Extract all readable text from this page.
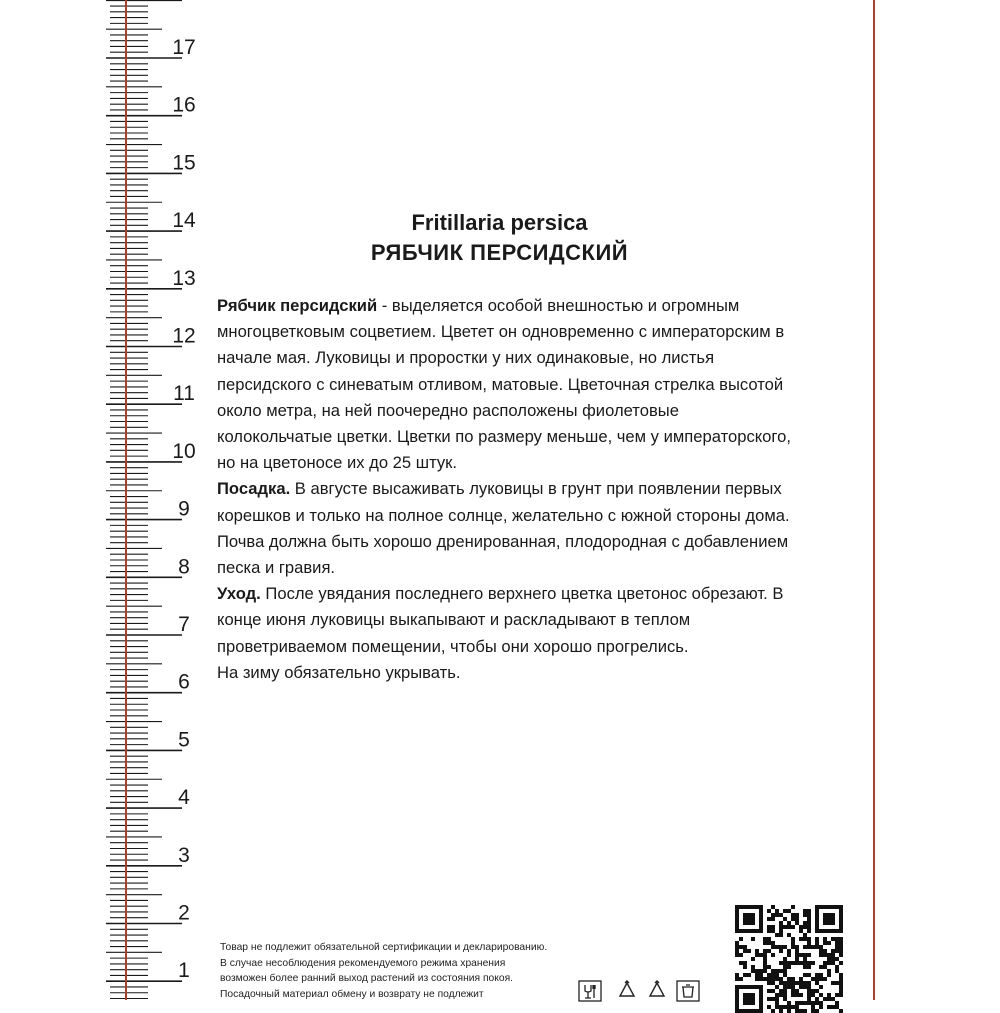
17
16
15
14
13
12
11
10
9
8
7
6
5
4
3
2
1
Fritillaria persica
РЯБЧИК ПЕРСИДСКИЙ

Рябчик персидский - выделяется особой внешностью и огромным многоцветковым соцветием. Цветет он одновременно с императорским в начале мая. Луковицы и проростки у них одинаковые, но листья персидского с синеватым отливом, матовые. Цветочная стрелка высотой около метра, на ней поочередно расположены фиолетовые колокольчатые цветки. Цветки по размеру меньше, чем у императорского, но на цветоносе их до 25 штук.

Посадка. В августе высаживать луковицы в грунт при появлении первых корешков и только на полное солнце, желательно с южной стороны дома. Почва должна быть хорошо дренированная, плодородная с добавлением песка и гравия.

Уход. После увядания последнего верхнего цветка цветонос обрезают. В конце июня луковицы выкапывают и раскладывают в теплом проветриваемом помещении, чтобы они хорошо прогрелись.

На зиму обязательно укрывать.

Товар не подлежит обязательной сертификации и декларированию.
В случае несоблюдения рекомендуемого режима хранения
возможен более ранний выход растений из состояния покоя.
Посадочный материал обмену и возврату не подлежит
